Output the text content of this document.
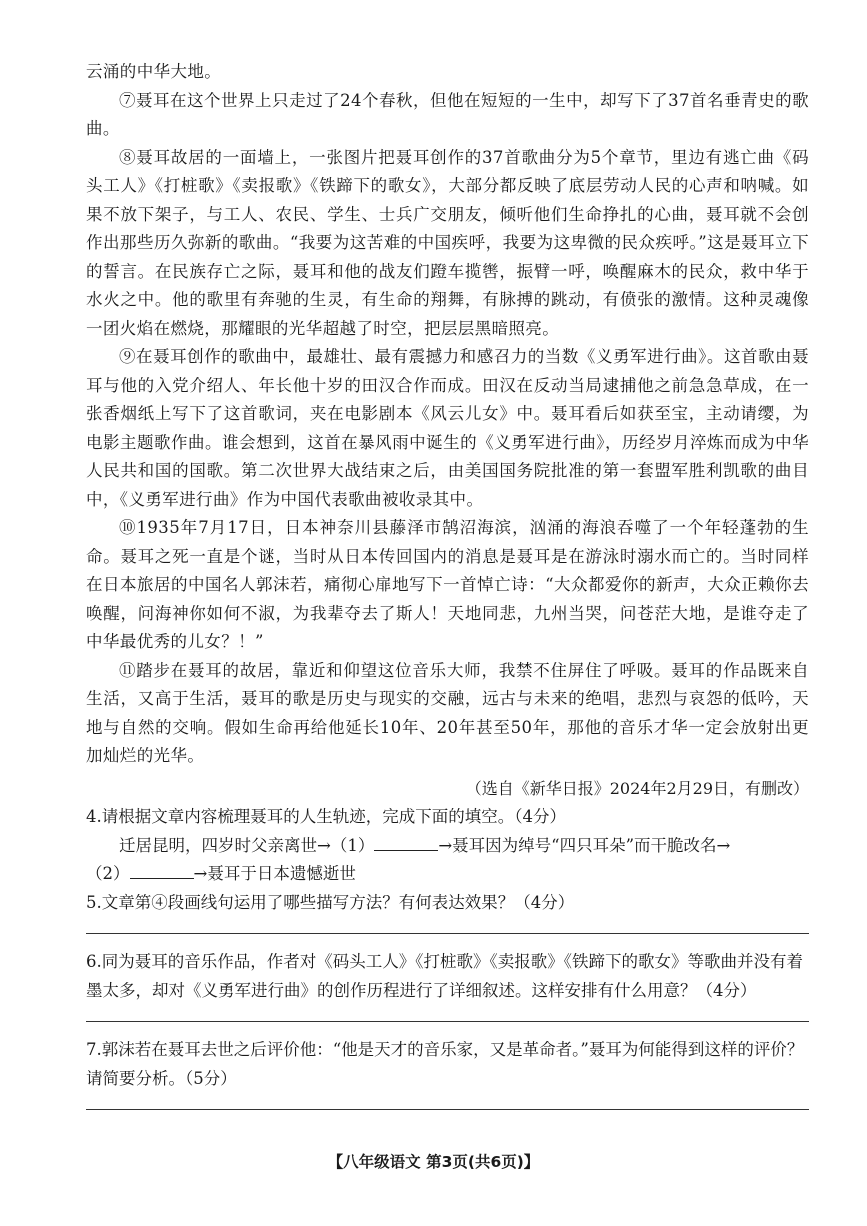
云涌的中华大地。

⑦聂耳在这个世界上只走过了24个春秋，但他在短短的一生中，却写下了37首名垂青史的歌曲。

⑧聂耳故居的一面墙上，一张图片把聂耳创作的37首歌曲分为5个章节，里边有逃亡曲《码头工人》《打桩歌》《卖报歌》《铁蹄下的歌女》，大部分都反映了底层劳动人民的心声和呐喊。如果不放下架子，与工人、农民、学生、士兵广交朋友，倾听他们生命挣扎的心曲，聂耳就不会创作出那些历久弥新的歌曲。“我要为这苦难的中国疾呼，我要为这卑微的民众疾呼。”这是聂耳立下的誓言。在民族存亡之际，聂耳和他的战友们蹬车揽辔，振臂一呼，唤醒麻木的民众，救中华于水火之中。他的歌里有奔驰的生灵，有生命的翔舞，有脉搏的跳动，有偾张的激情。这种灵魂像一团火焰在燃烧，那耀眼的光华超越了时空，把层层黑暗照亮。

⑨在聂耳创作的歌曲中，最雄壮、最有震撼力和感召力的当数《义勇军进行曲》。这首歌由聂耳与他的入党介绍人、年长他十岁的田汉合作而成。田汉在反动当局逮捕他之前急急草成，在一张香烟纸上写下了这首歌词，夹在电影剧本《风云儿女》中。聂耳看后如获至宝，主动请缨，为电影主题歌作曲。谁会想到，这首在暴风雨中诞生的《义勇军进行曲》，历经岁月淬炼而成为中华人民共和国的国歌。第二次世界大战结束之后，由美国国务院批准的第一套盟军胜利凯歌的曲目中，《义勇军进行曲》作为中国代表歌曲被收录其中。

⑩1935年7月17日，日本神奈川县藤泽市鹄沼海滨，汹涌的海浪吞噬了一个年轻蓬勃的生命。聂耳之死一直是个谜，当时从日本传回国内的消息是聂耳是在游泳时溺水而亡的。当时同样在日本旅居的中国名人郭沫若，痛彻心扉地写下一首悼亡诗：“大众都爱你的新声，大众正赖你去唤醒，问海神你如何不淑，为我辈夺去了斯人！天地同悲，九州当哭，问苍茫大地，是谁夺走了中华最优秀的儿女？！”

⑪踏步在聂耳的故居，靠近和仰望这位音乐大师，我禁不住屏住了呼吸。聂耳的作品既来自生活，又高于生活，聂耳的歌是历史与现实的交融，远古与未来的绝唱，悲烈与哀怨的低吟，天地与自然的交响。假如生命再给他延长10年、20年甚至50年，那他的音乐才华一定会放射出更加灿烂的光华。

（选自《新华日报》2024年2月29日，有删改）

4.请根据文章内容梳理聂耳的人生轨迹，完成下面的填空。（4分）

迁居昆明，四岁时父亲离世→（1）	→聂耳因为绰号“四只耳朵”而干脆改名→

（2）	→聂耳于日本遗憾逝世

5.文章第④段画线句运用了哪些描写方法？有何表达效果？（4分）

6.同为聂耳的音乐作品，作者对《码头工人》《打桩歌》《卖报歌》《铁蹄下的歌女》等歌曲并没有着墨太多，却对《义勇军进行曲》的创作历程进行了详细叙述。这样安排有什么用意？（4分）

7.郭沫若在聂耳去世之后评价他：“他是天才的音乐家，又是革命者。”聂耳为何能得到这样的评价？请简要分析。（5分）

【八年级语文 第3页(共6页)】
